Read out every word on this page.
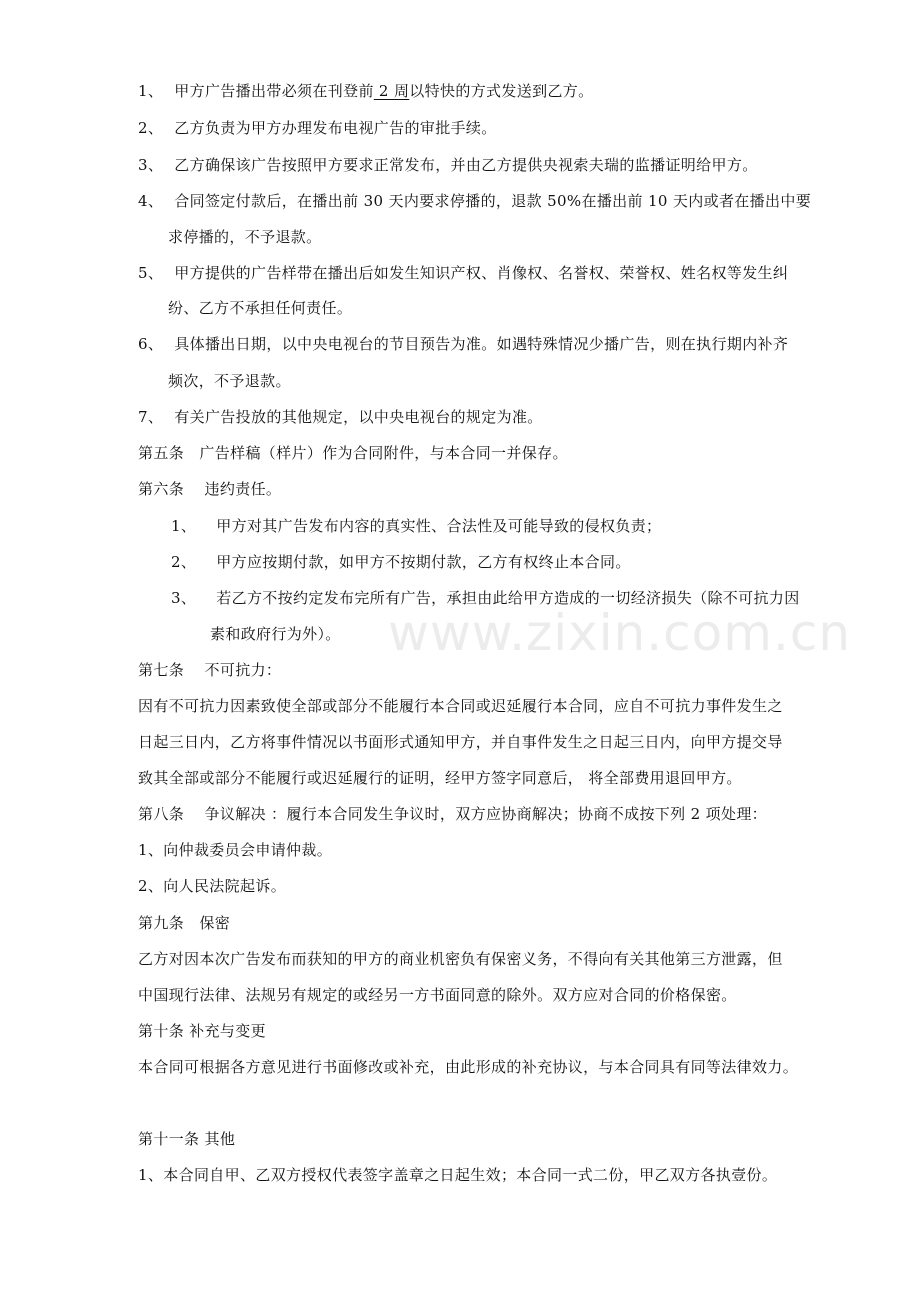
www.zixin.com.cn
1、 甲方广告播出带必须在刊登前 2 周以特快的方式发送到乙方。
2、 乙方负责为甲方办理发布电视广告的审批手续。
3、 乙方确保该广告按照甲方要求正常发布，并由乙方提供央视索夫瑞的监播证明给甲方。
4、 合同签定付款后，在播出前 30 天内要求停播的，退款 50%在播出前 10 天内或者在播出中要
求停播的，不予退款。
5、 甲方提供的广告样带在播出后如发生知识产权、肖像权、名誉权、荣誉权、姓名权等发生纠
纷、乙方不承担任何责任。
6、 具体播出日期，以中央电视台的节目预告为准。如遇特殊情况少播广告，则在执行期内补齐
频次，不予退款。
7、 有关广告投放的其他规定，以中央电视台的规定为准。
第五条　广告样稿（样片）作为合同附件，与本合同一并保存。
第六条　 违约责任。
1、 甲方对其广告发布内容的真实性、合法性及可能导致的侵权负责；
2、 甲方应按期付款，如甲方不按期付款，乙方有权终止本合同。
3、 若乙方不按约定发布完所有广告，承担由此给甲方造成的一切经济损失（除不可抗力因
素和政府行为外）。
第七条　 不可抗力：
因有不可抗力因素致使全部或部分不能履行本合同或迟延履行本合同，应自不可抗力事件发生之
日起三日内，乙方将事件情况以书面形式通知甲方，并自事件发生之日起三日内，向甲方提交导
致其全部或部分不能履行或迟延履行的证明，经甲方签字同意后， 将全部费用退回甲方。
第八条　 争议解决 ：履行本合同发生争议时，双方应协商解决；协商不成按下列 2 项处理：
1、向仲裁委员会申请仲裁。
2、向人民法院起诉。
第九条　保密
乙方对因本次广告发布而获知的甲方的商业机密负有保密义务，不得向有关其他第三方泄露，但
中国现行法律、法规另有规定的或经另一方书面同意的除外。双方应对合同的价格保密。
第十条 补充与变更
本合同可根据各方意见进行书面修改或补充，由此形成的补充协议，与本合同具有同等法律效力。
第十一条 其他
1、本合同自甲、乙双方授权代表签字盖章之日起生效；本合同一式二份，甲乙双方各执壹份。
